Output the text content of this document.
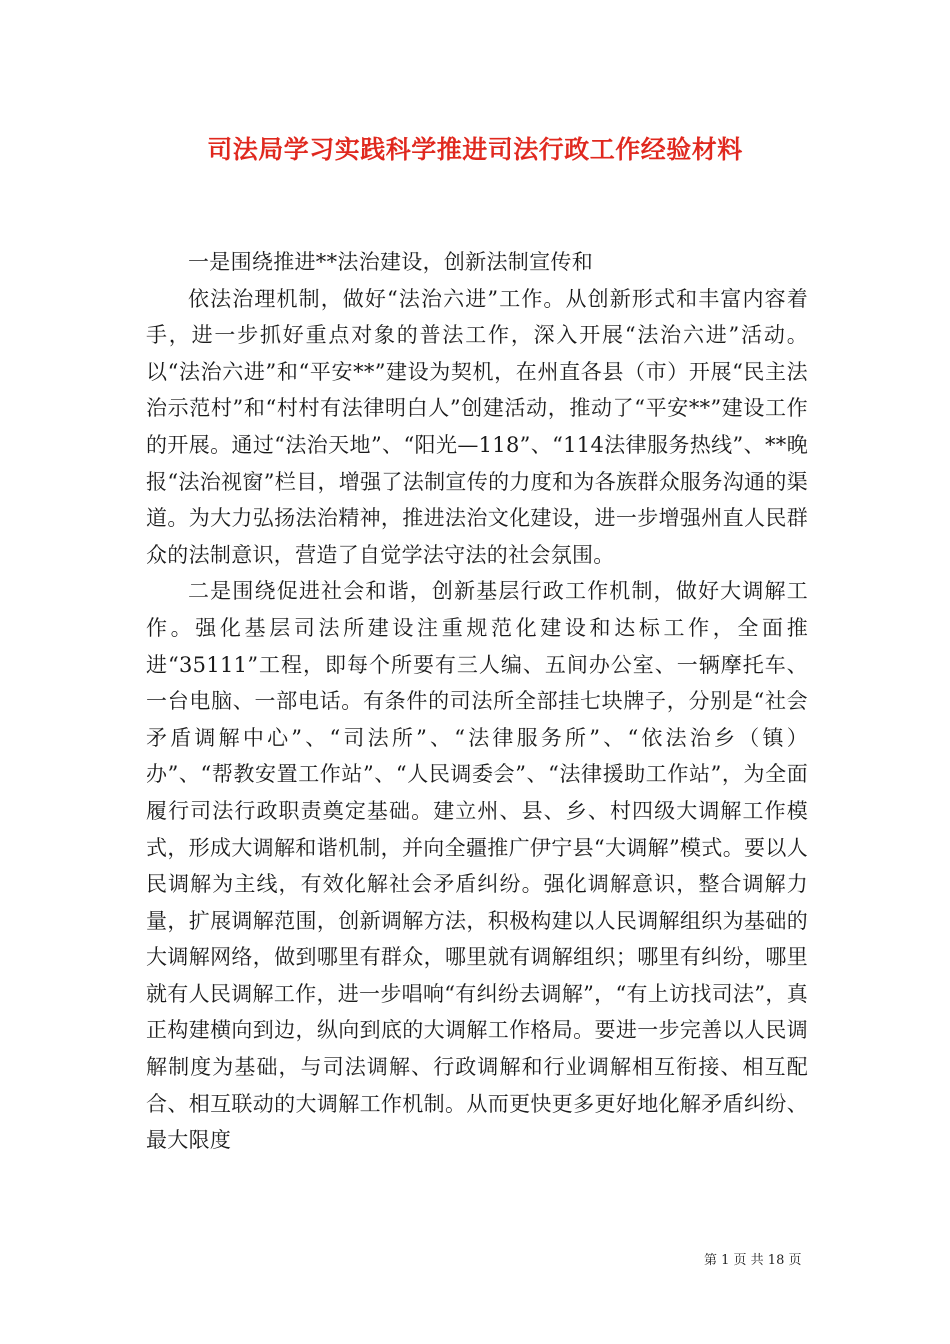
司法局学习实践科学推进司法行政工作经验材料

一是围绕推进**法治建设，创新法制宣传和

依法治理机制，做好“法治六进”工作。从创新形式和丰富内容着手，进一步抓好重点对象的普法工作，深入开展“法治六进”活动。以“法治六进”和“平安**”建设为契机，在州直各县（市）开展“民主法治示范村”和“村村有法律明白人”创建活动，推动了“平安**”建设工作的开展。通过“法治天地”、“阳光—118”、“114法律服务热线”、**晚报“法治视窗”栏目，增强了法制宣传的力度和为各族群众服务沟通的渠道。为大力弘扬法治精神，推进法治文化建设，进一步增强州直人民群众的法制意识，营造了自觉学法守法的社会氛围。

二是围绕促进社会和谐，创新基层行政工作机制，做好大调解工作。强化基层司法所建设注重规范化建设和达标工作，全面推进“35111”工程，即每个所要有三人编、五间办公室、一辆摩托车、一台电脑、一部电话。有条件的司法所全部挂七块牌子，分别是“社会矛盾调解中心”、“司法所”、“法律服务所”、“依法治乡（镇）办”、“帮教安置工作站”、“人民调委会”、“法律援助工作站”，为全面履行司法行政职责奠定基础。建立州、县、乡、村四级大调解工作模式，形成大调解和谐机制，并向全疆推广伊宁县“大调解”模式。要以人民调解为主线，有效化解社会矛盾纠纷。强化调解意识，整合调解力量，扩展调解范围，创新调解方法，积极构建以人民调解组织为基础的大调解网络，做到哪里有群众，哪里就有调解组织；哪里有纠纷，哪里就有人民调解工作，进一步唱响“有纠纷去调解”，“有上访找司法”，真正构建横向到边，纵向到底的大调解工作格局。要进一步完善以人民调解制度为基础，与司法调解、行政调解和行业调解相互衔接、相互配合、相互联动的大调解工作机制。从而更快更多更好地化解矛盾纠纷、最大限度

第 1 页 共 18 页
